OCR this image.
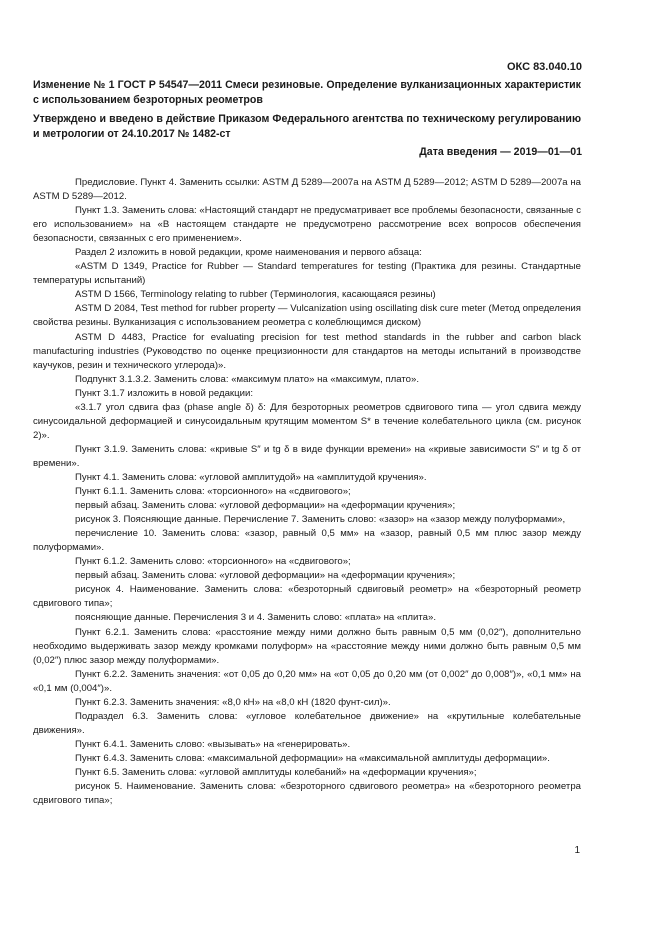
ОКС 83.040.10
Изменение № 1 ГОСТ Р 54547—2011 Смеси резиновые. Определение вулканизационных характеристик с использованием безроторных реометров
Утверждено и введено в действие Приказом Федерального агентства по техническому регулированию и метрологии от 24.10.2017 № 1482-ст
Дата введения — 2019—01—01

Предисловие. Пункт 4. Заменить ссылки: ASTM Д 5289—2007а на ASTM Д 5289—2012; ASTM D 5289—2007а на ASTM D 5289—2012.

Пункт 1.3. Заменить слова: «Настоящий стандарт не предусматривает все проблемы безопасности, связанные с его использованием» на «В настоящем стандарте не предусмотрено рассмотрение всех вопросов обеспечения безопасности, связанных с его применением».

Раздел 2 изложить в новой редакции, кроме наименования и первого абзаца:

«ASTM D 1349, Practice for Rubber — Standard temperatures for testing (Практика для резины. Стандартные температуры испытаний)

ASTM D 1566, Terminology relating to rubber (Терминология, касающаяся резины)

ASTM D 2084, Test method for rubber property — Vulcanization using oscillating disk cure meter (Метод определения свойства резины. Вулканизация с использованием реометра с колеблющимся диском)

ASTM D 4483, Practice for evaluating precision for test method standards in the rubber and carbon black manufacturing industries (Руководство по оценке прецизионности для стандартов на методы испытаний в производстве каучуков, резин и технического углерода)».

Подпункт 3.1.3.2. Заменить слова: «максимум плато» на «максимум, плато».

Пункт 3.1.7 изложить в новой редакции:

«3.1.7 угол сдвига фаз (phase angle δ) δ: Для безроторных реометров сдвигового типа — угол сдвига между синусоидальной деформацией и синусоидальным крутящим моментом S* в течение колебательного цикла (см. рисунок 2)».

Пункт 3.1.9. Заменить слова: «кривые S″ и tg δ в виде функции времени» на «кривые зависимости S″ и tg δ от времени».

Пункт 4.1. Заменить слова: «угловой амплитудой» на «амплитудой кручения».

Пункт 6.1.1. Заменить слова: «торсионного» на «сдвигового»;

первый абзац. Заменить слова: «угловой деформации» на «деформации кручения»;

рисунок 3. Поясняющие данные. Перечисление 7. Заменить слово: «зазор» на «зазор между полуформами»,

перечисление 10. Заменить слова: «зазор, равный 0,5 мм» на «зазор, равный 0,5 мм плюс зазор между полуформами».

Пункт 6.1.2. Заменить слово: «торсионного» на «сдвигового»;

первый абзац. Заменить слова: «угловой деформации» на «деформации кручения»;

рисунок 4. Наименование. Заменить слова: «безроторный сдвиговый реометр» на «безроторный реометр сдвигового типа»;

поясняющие данные. Перечисления 3 и 4. Заменить слово: «плата» на «плита».

Пункт 6.2.1. Заменить слова: «расстояние между ними должно быть равным 0,5 мм (0,02″), дополнительно необходимо выдерживать зазор между кромками полуформ» на «расстояние между ними должно быть равным 0,5 мм (0,02″) плюс зазор между полуформами».

Пункт 6.2.2. Заменить значения: «от 0,05 до 0,20 мм» на «от 0,05 до 0,20 мм (от 0,002″ до 0,008″)», «0,1 мм» на «0,1 мм (0,004″)».

Пункт 6.2.3. Заменить значения: «8,0 кН» на «8,0 кН (1820 фунт-сил)».

Подраздел 6.3. Заменить слова: «угловое колебательное движение» на «крутильные колебательные движения».

Пункт 6.4.1. Заменить слово: «вызывать» на «генерировать».

Пункт 6.4.3. Заменить слова: «максимальной деформации» на «максимальной амплитуды деформации».

Пункт 6.5. Заменить слова: «угловой амплитуды колебаний» на «деформации кручения»;

рисунок 5. Наименование. Заменить слова: «безроторного сдвигового реометра» на «безроторного реометра сдвигового типа»;

1
